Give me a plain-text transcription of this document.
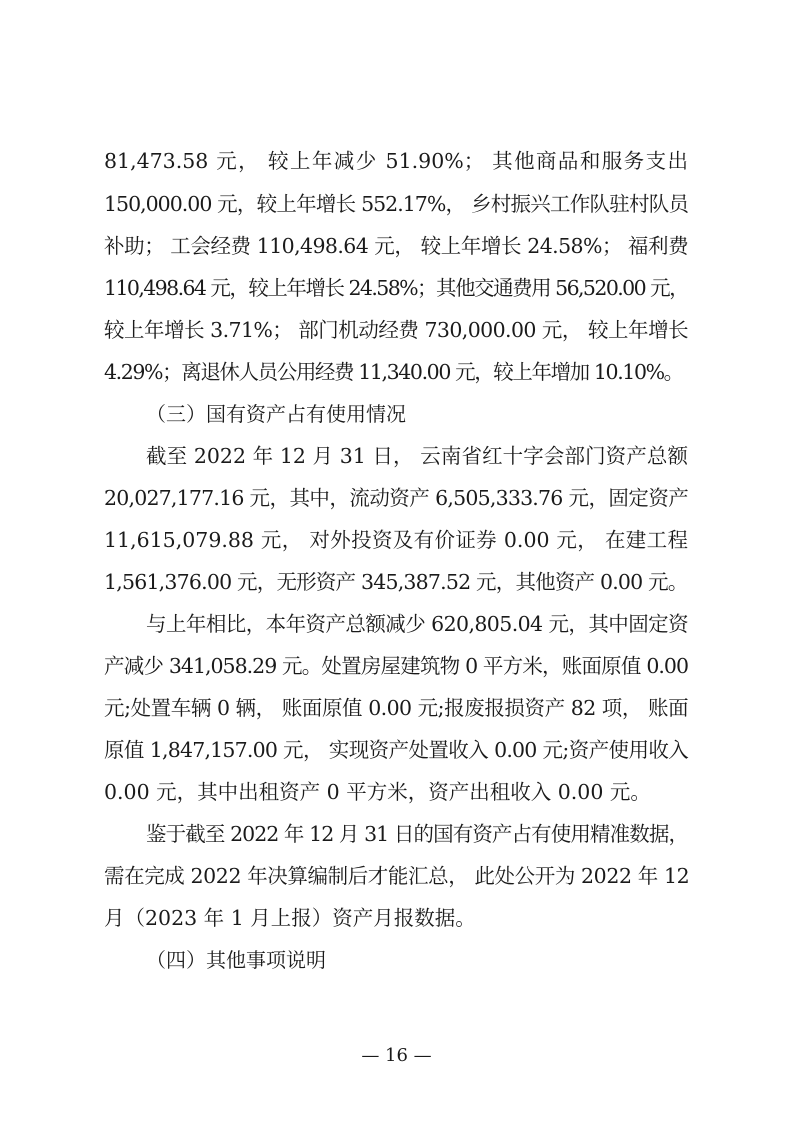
81,473.58 元， 较上年减少 51.90%； 其他商品和服务支出
150,000.00 元，较上年增长 552.17%， 乡村振兴工作队驻村队员
补助； 工会经费 110,498.64 元， 较上年增长 24.58%； 福利费
110,498.64 元，较上年增长 24.58%；其他交通费用 56,520.00 元，
较上年增长 3.71%； 部门机动经费 730,000.00 元， 较上年增长
4.29%；离退休人员公用经费 11,340.00 元，较上年增加 10.10%。
（三）国有资产占有使用情况
截至 2022 年 12 月 31 日， 云南省红十字会部门资产总额
20,027,177.16 元，其中，流动资产 6,505,333.76 元，固定资产
11,615,079.88 元， 对外投资及有价证券 0.00 元， 在建工程
1,561,376.00 元，无形资产 345,387.52 元，其他资产 0.00 元。
与上年相比，本年资产总额减少 620,805.04 元，其中固定资
产减少 341,058.29 元。处置房屋建筑物 0 平方米，账面原值 0.00
元;处置车辆 0 辆， 账面原值 0.00 元;报废报损资产 82 项， 账面
原值 1,847,157.00 元， 实现资产处置收入 0.00 元;资产使用收入
0.00 元，其中出租资产 0 平方米，资产出租收入 0.00 元。
鉴于截至 2022 年 12 月 31 日的国有资产占有使用精准数据，
需在完成 2022 年决算编制后才能汇总， 此处公开为 2022 年 12
月（2023 年 1 月上报）资产月报数据。
（四）其他事项说明
— 16 —
